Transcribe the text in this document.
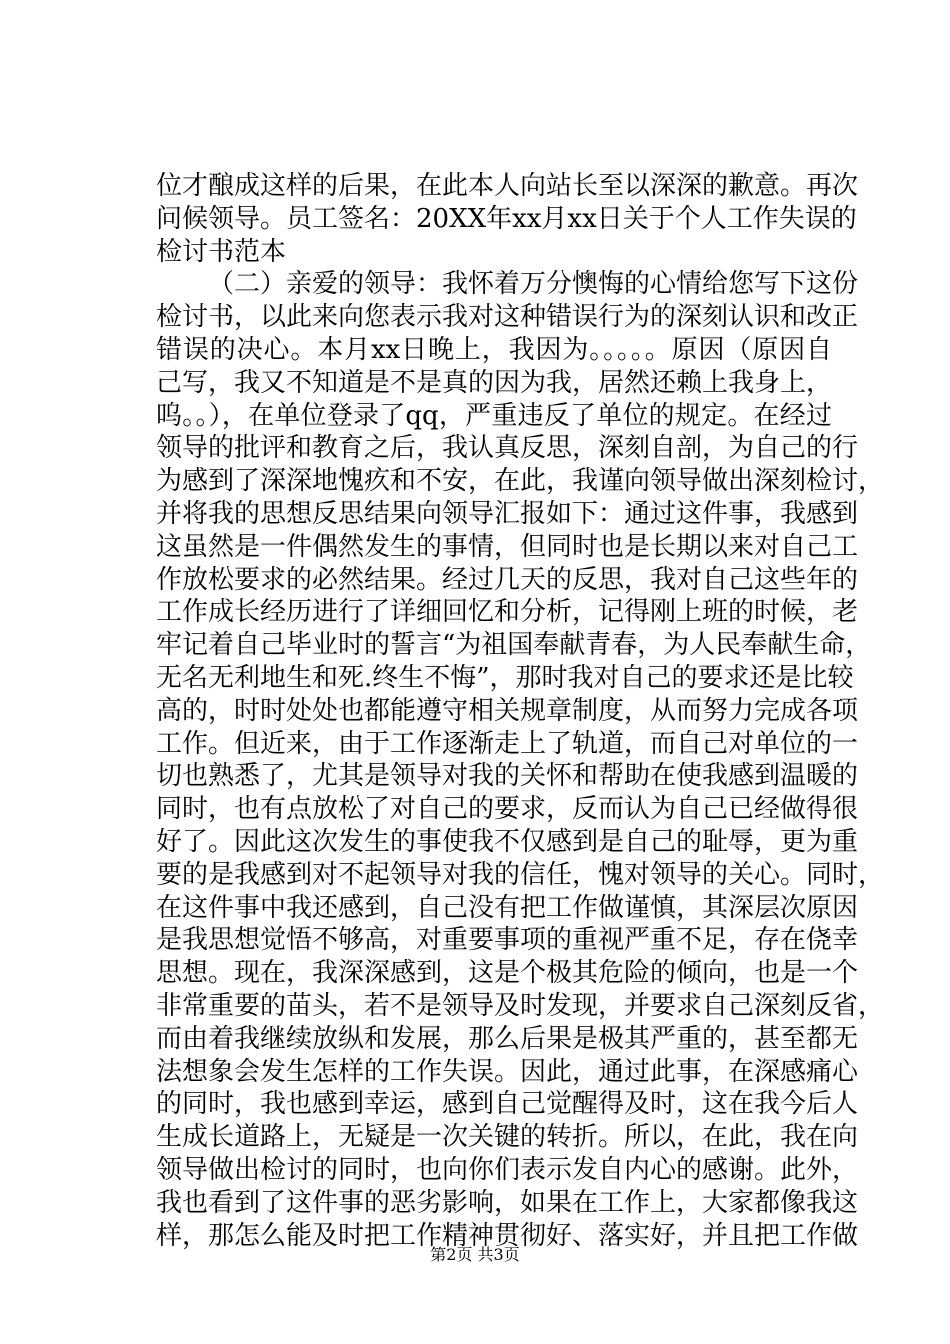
位才酿成这样的后果，在此本人向站长至以深深的歉意。再次
问候领导。员工签名：20XX年xx月xx日关于个人工作失误的
检讨书范本
（二）亲爱的领导：我怀着万分懊悔的心情给您写下这份
检讨书，以此来向您表示我对这种错误行为的深刻认识和改正
错误的决心。本月xx日晚上，我因为。。。。。原因（原因自
己写，我又不知道是不是真的因为我，居然还赖上我身上，
呜。。），在单位登录了qq，严重违反了单位的规定。在经过
领导的批评和教育之后，我认真反思，深刻自剖，为自己的行
为感到了深深地愧疚和不安，在此，我谨向领导做出深刻检讨，
并将我的思想反思结果向领导汇报如下：通过这件事，我感到
这虽然是一件偶然发生的事情，但同时也是长期以来对自己工
作放松要求的必然结果。经过几天的反思，我对自己这些年的
工作成长经历进行了详细回忆和分析，记得刚上班的时候，老
牢记着自己毕业时的誓言“为祖国奉献青春，为人民奉献生命，
无名无利地生和死.终生不悔”，那时我对自己的要求还是比较
高的，时时处处也都能遵守相关规章制度，从而努力完成各项
工作。但近来，由于工作逐渐走上了轨道，而自己对单位的一
切也熟悉了，尤其是领导对我的关怀和帮助在使我感到温暖的
同时，也有点放松了对自己的要求，反而认为自己已经做得很
好了。因此这次发生的事使我不仅感到是自己的耻辱，更为重
要的是我感到对不起领导对我的信任，愧对领导的关心。同时，
在这件事中我还感到，自己没有把工作做谨慎，其深层次原因
是我思想觉悟不够高，对重要事项的重视严重不足，存在侥幸
思想。现在，我深深感到，这是个极其危险的倾向，也是一个
非常重要的苗头，若不是领导及时发现，并要求自己深刻反省，
而由着我继续放纵和发展，那么后果是极其严重的，甚至都无
法想象会发生怎样的工作失误。因此，通过此事，在深感痛心
的同时，我也感到幸运，感到自己觉醒得及时，这在我今后人
生成长道路上，无疑是一次关键的转折。所以，在此，我在向
领导做出检讨的同时，也向你们表示发自内心的感谢。此外，
我也看到了这件事的恶劣影响，如果在工作上，大家都像我这
样，那怎么能及时把工作精神贯彻好、落实好，并且把工作做
第2页 共3页
